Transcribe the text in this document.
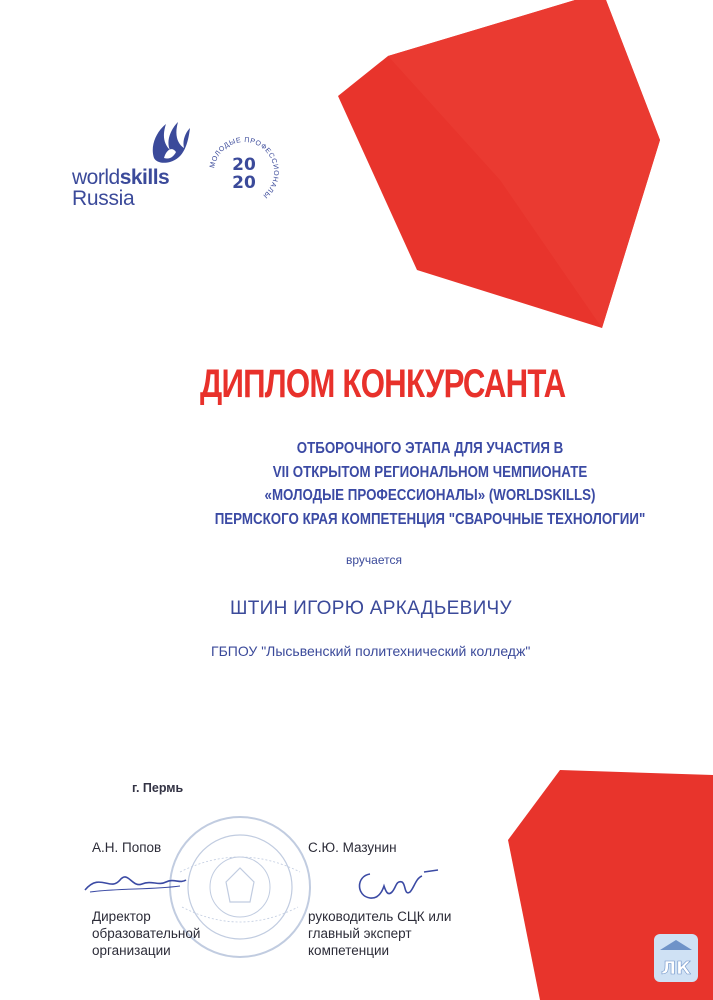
worldskills
Russia
МОЛОДЫЕ ПРОФЕССИОНАЛЫ
20
20
ДИПЛОМ КОНКУРСАНТА
ОТБОРОЧНОГО ЭТАПА ДЛЯ УЧАСТИЯ В
VII ОТКРЫТОМ РЕГИОНАЛЬНОМ ЧЕМПИОНАТЕ
«МОЛОДЫЕ ПРОФЕССИОНАЛЫ» (WORLDSKILLS)
ПЕРМСКОГО КРАЯ КОМПЕТЕНЦИЯ "СВАРОЧНЫЕ ТЕХНОЛОГИИ"
вручается
ШТИН ИГОРЮ АРКАДЬЕВИЧУ
ГБПОУ "Лысьвенский политехнический колледж"
г. Пермь
А.Н. Попов
Директор
образовательной
организации
С.Ю. Мазунин
руководитель СЦК или
главный эксперт
компетенции
ЛК
